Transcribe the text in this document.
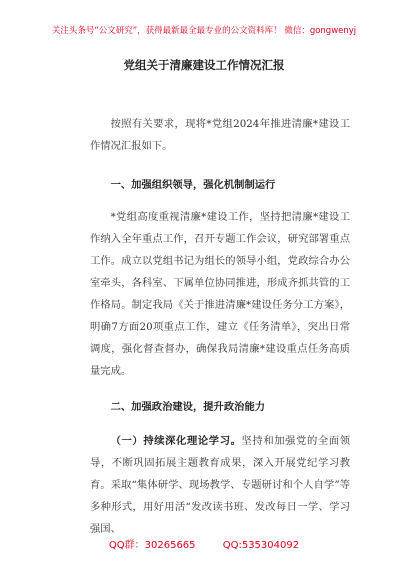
关注头条号“公文研究”，获得最新最全最专业的公文资料库！ 微信：gongwenyj
党组关于清廉建设工作情况汇报
按照有关要求，现将*党组2024年推进清廉*建设工作情况汇报如下。
一、加强组织领导，强化机制制运行
*党组高度重视清廉*建设工作，坚持把清廉*建设工作纳入全年重点工作，召开专题工作会议，研究部署重点工作。成立以党组书记为组长的领导小组，党政综合办公室牵头，各科室、下属单位协同推进，形成齐抓共管的工作格局。制定我局《关于推进清廉*建设任务分工方案》，明确7方面20项重点工作，建立《任务清单》，突出日常调度，强化督查督办，确保我局清廉*建设重点任务高质量完成。
二、加强政治建设，提升政治能力
（一）持续深化理论学习。坚持和加强党的全面领导，不断巩固拓展主题教育成果，深入开展党纪学习教育。采取“集体研学、现场教学、专题研讨和个人自学”等多种形式，用好用活“发改读书班、发改每日一学、学习强国、
QQ群：30265665	QQ:535304092
